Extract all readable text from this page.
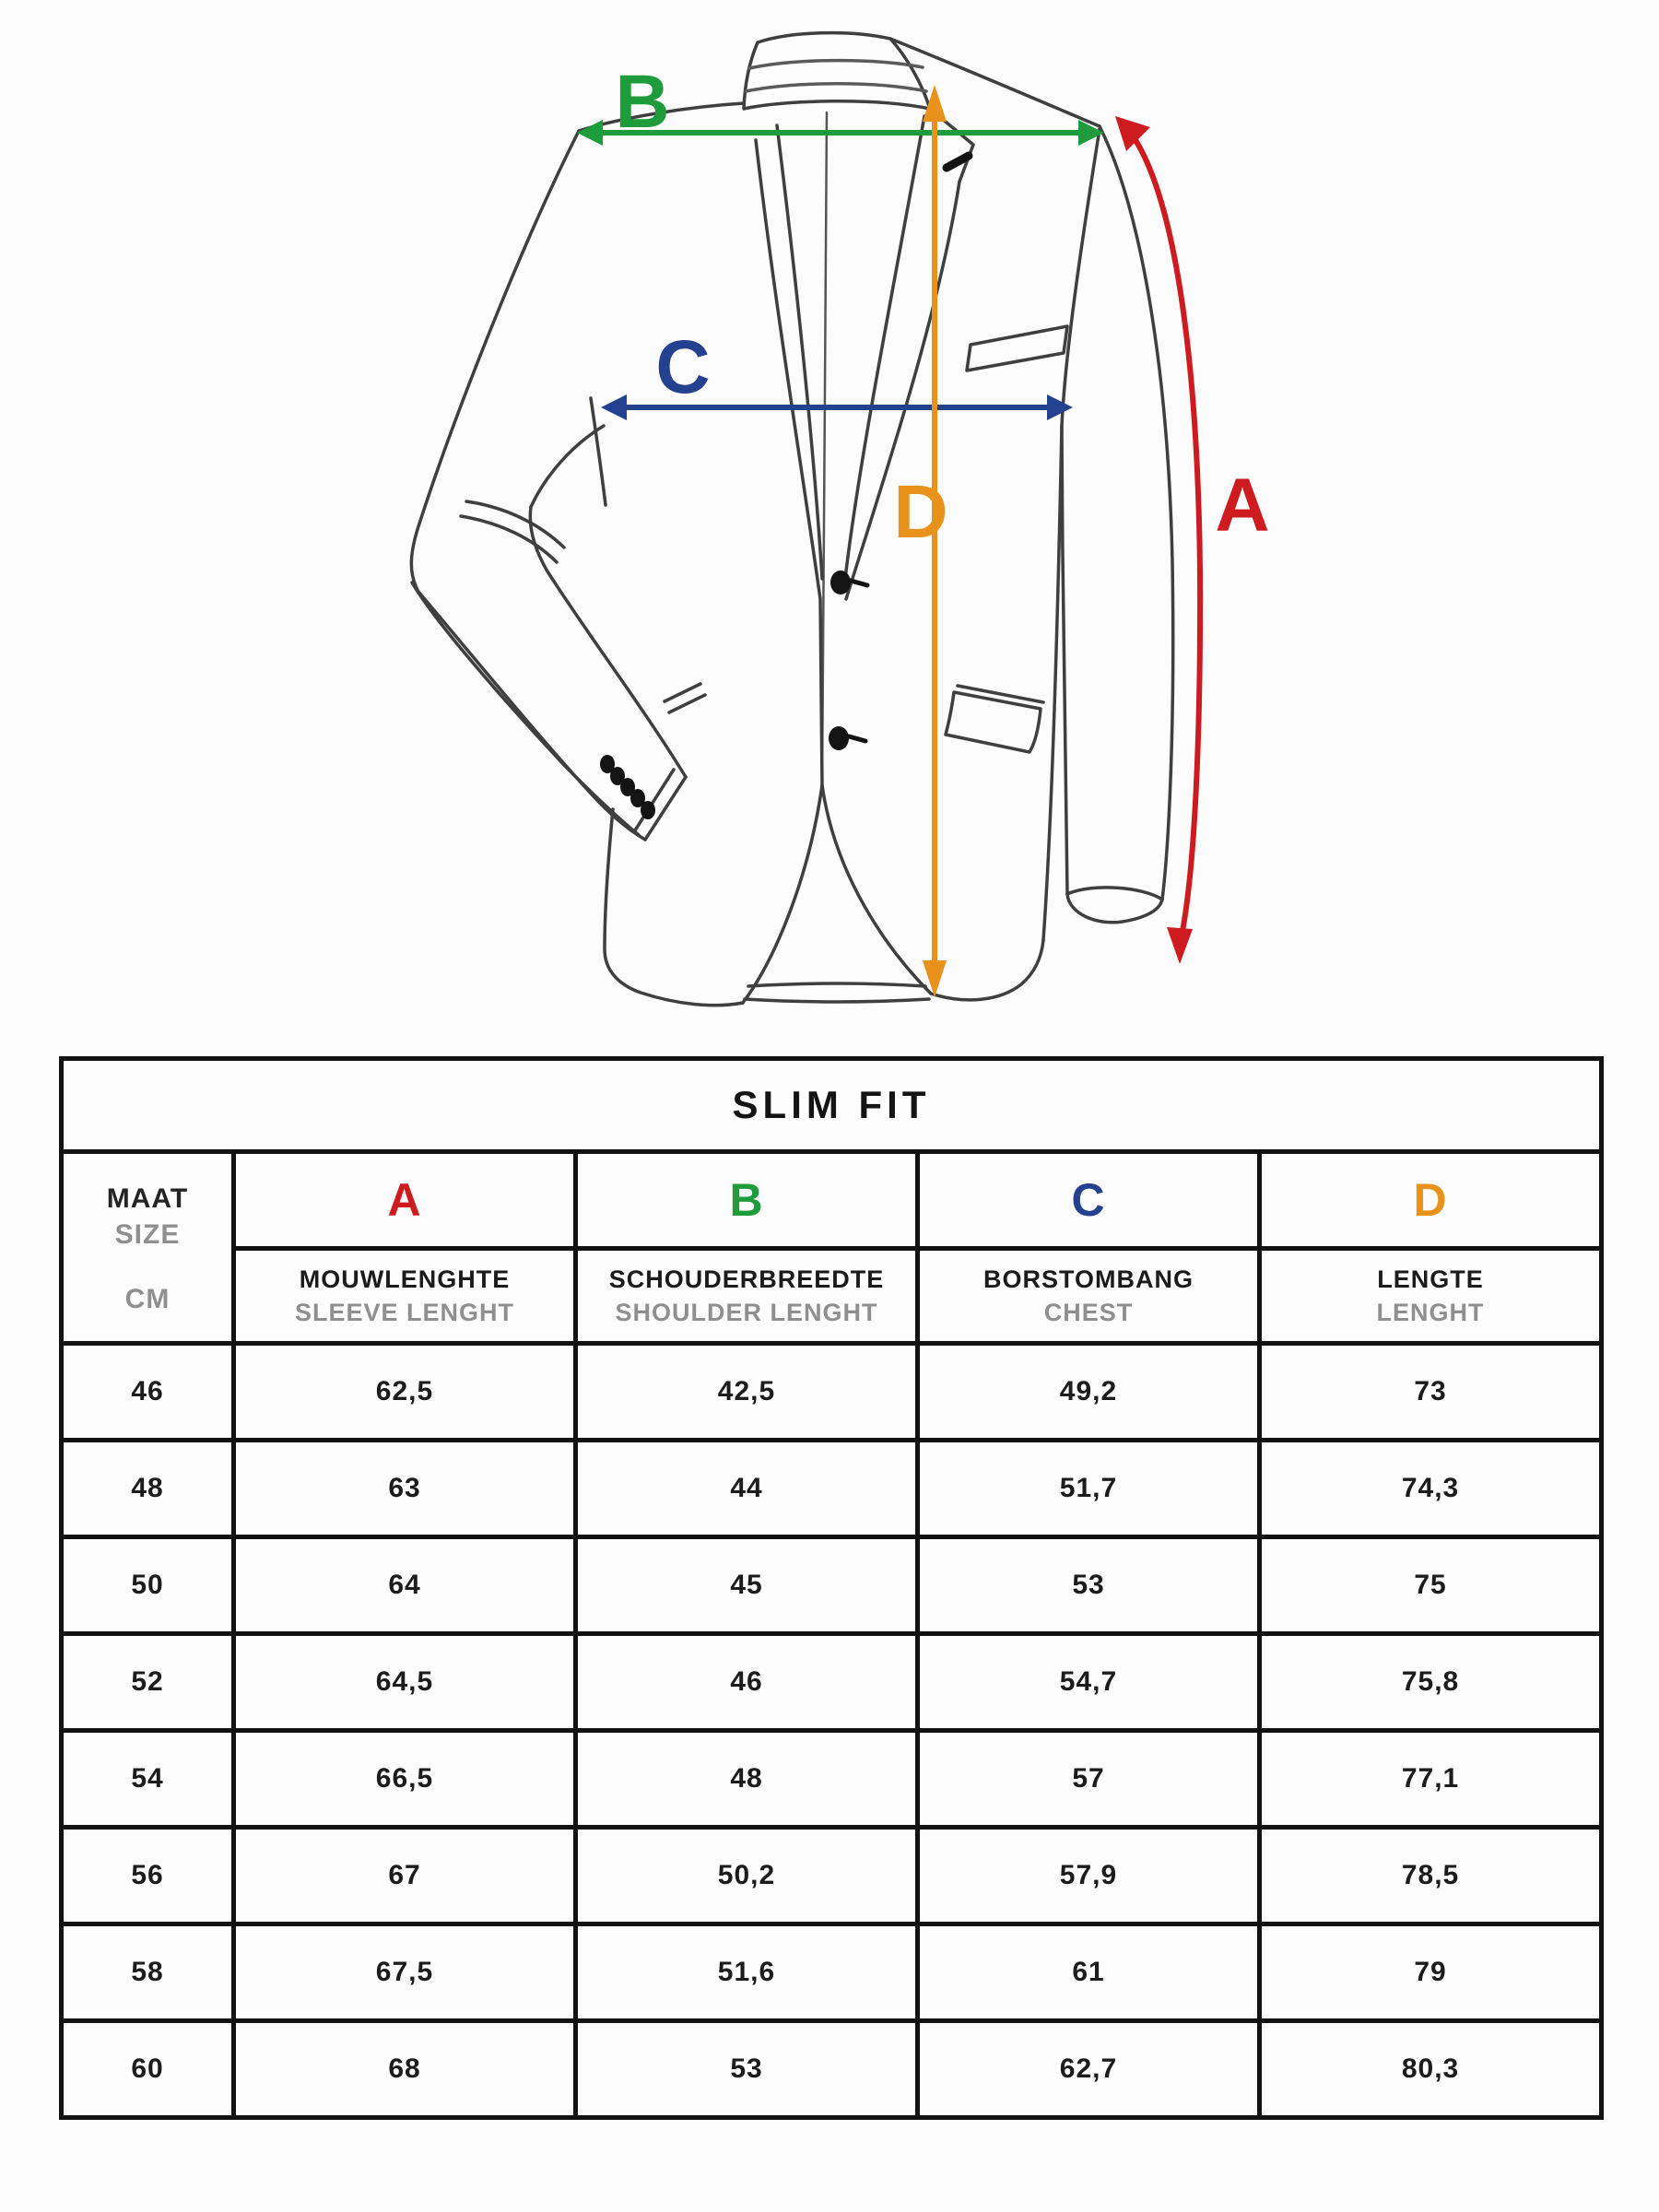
B
C
D	A
SLIM FIT				

MAAT
SIZE
CM	A	B	C	D

MOUWLENGHTE
SLEEVE LENGHT

SCHOUDERBREEDTE
SHOULDER LENGHT

BORSTOMBANG
CHEST

LENGTE
LENGHT

46	62,5	42,5	49,2	73
48	63	44	51,7	74,3
50	64	45	53	75
52	64,5	46	54,7	75,8
54	66,5	48	57	77,1
56	67	50,2	57,9	78,5
58	67,5	51,6	61	79
60	68	53	62,7	80,3
